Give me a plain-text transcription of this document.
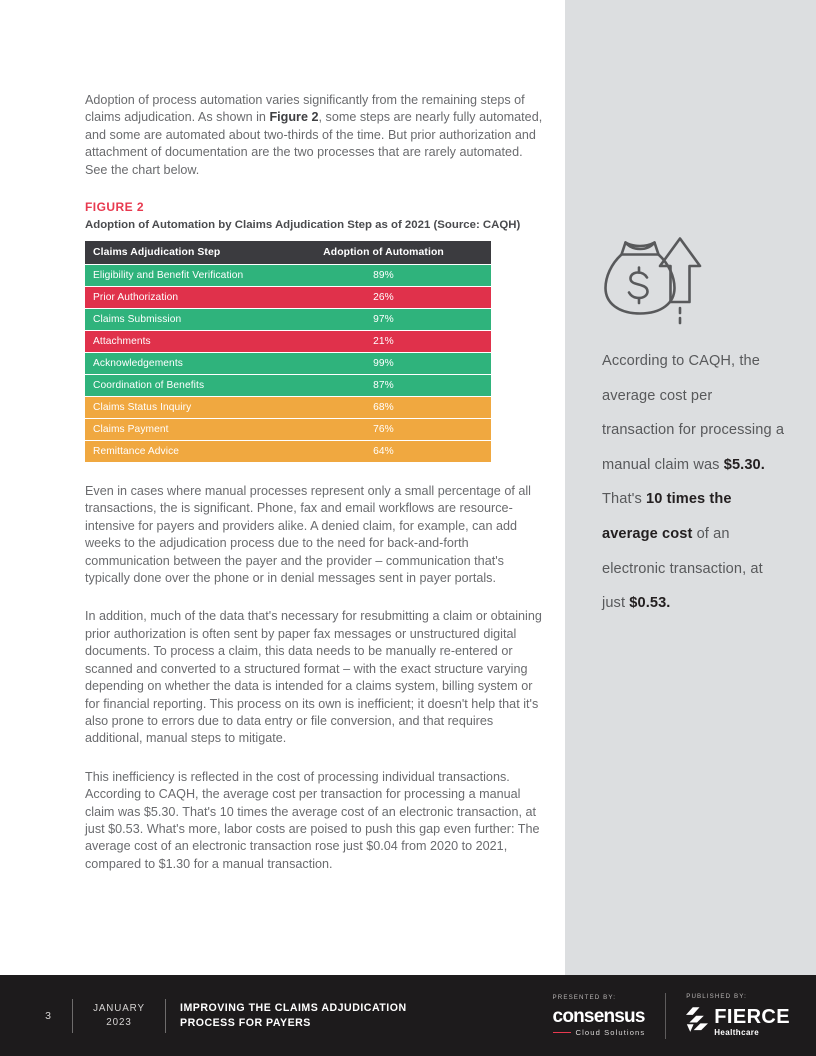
According to CAQH, the average cost per transaction for processing a manual claim was $5.30. That's 10 times the average cost of an electronic transaction, at just $0.53.

Adoption of process automation varies significantly from the remaining steps of claims adjudication. As shown in Figure 2, some steps are nearly fully automated, and some are automated about two-thirds of the time. But prior authorization and attachment of documentation are the two processes that are rarely automated. See the chart below.

FIGURE 2
Adoption of Automation by Claims Adjudication Step as of 2021 (Source: CAQH)
Claims Adjudication Step	Adoption of Automation
Eligibility and Benefit Verification	89%
Prior Authorization	26%
Claims Submission	97%
Attachments	21%
Acknowledgements	99%
Coordination of Benefits	87%
Claims Status Inquiry	68%
Claims Payment	76%
Remittance Advice	64%

Even in cases where manual processes represent only a small percentage of all transactions, the is significant. Phone, fax and email workflows are resource-intensive for payers and providers alike. A denied claim, for example, can add weeks to the adjudication process due to the need for back-and-forth communication between the payer and the provider – communication that's typically done over the phone or in denial messages sent in payer portals.

In addition, much of the data that's necessary for resubmitting a claim or obtaining prior authorization is often sent by paper fax messages or unstructured digital documents. To process a claim, this data needs to be manually re-entered or scanned and converted to a structured format – with the exact structure varying depending on whether the data is intended for a claims system, billing system or for financial reporting. This process on its own is inefficient; it doesn't help that it's also prone to errors due to data entry or file conversion, and that requires additional, manual steps to mitigate.

This inefficiency is reflected in the cost of processing individual transactions. According to CAQH, the average cost per transaction for processing a manual claim was $5.30. That's 10 times the average cost of an electronic transaction, at just $0.53. What's more, labor costs are poised to push this gap even further: The average cost of an electronic transaction rose just $0.04 from 2020 to 2021, compared to $1.30 for a manual transaction.

3
JANUARY
2023
IMPROVING THE CLAIMS ADJUDICATION
PROCESS FOR PAYERS
PRESENTED BY:
consensus
Cloud Solutions
PUBLISHED BY:
FIERCE
Healthcare
